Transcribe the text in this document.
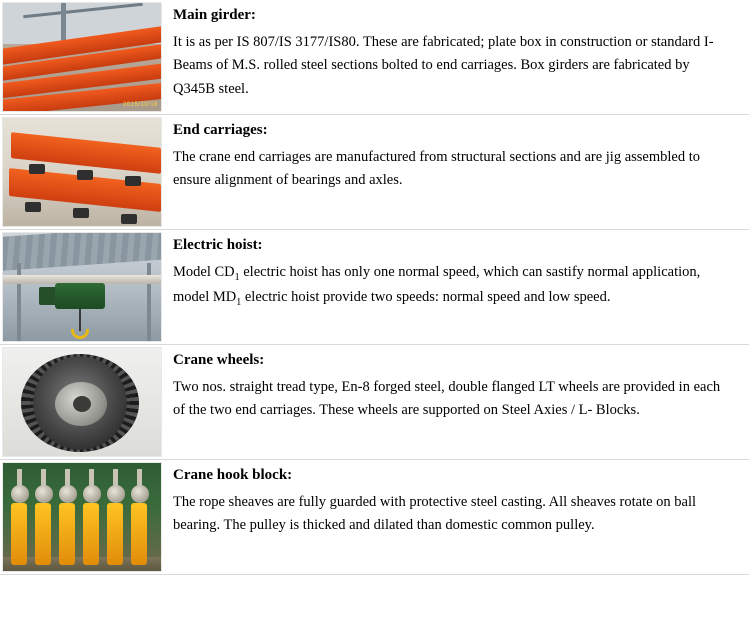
2015/10/18	Main girder:

It is as per IS 807/IS 3177/IS80. These are fabricated; plate box in construction or standard I-Beams of M.S. rolled steel sections bolted to end carriages. Box girders are fabricated by Q345B steel.

	End carriages:

The crane end carriages are manufactured from structural sections and are jig assembled to ensure alignment of bearings and axles.

	Electric hoist:

Model $CD_1$ electric hoist has only one normal speed, which can sastify normal application, model $MD_1$ electric hoist provide two speeds: normal speed and low speed.

	Crane wheels:

Two nos. straight tread type, En-8 forged steel, double flanged LT wheels are provided in each of the two end carriages. These wheels are supported on Steel Axies / L- Blocks.

	Crane hook block:

The rope sheaves are fully guarded with protective steel casting. All sheaves rotate on ball bearing. The pulley is thicked and dilated than domestic common pulley.
